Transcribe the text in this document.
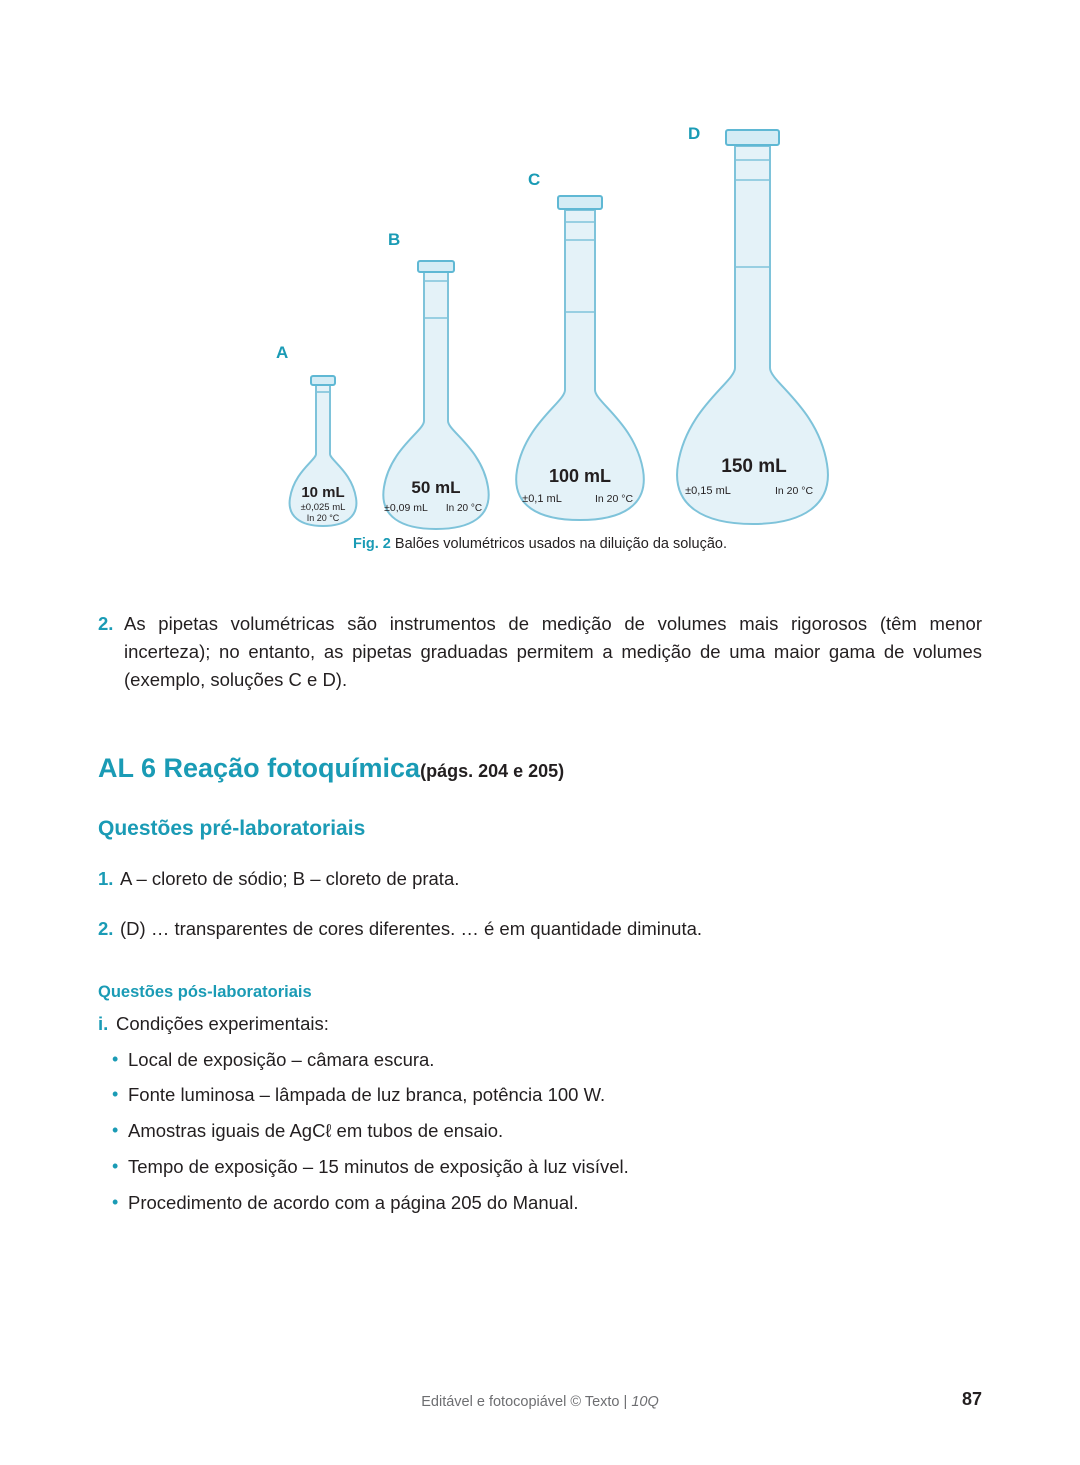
A
B
C
D
10 mL
±0,025 mL
In 20 °C
50 mL
±0,09 mL In 20 °C
100 mL
±0,1 mL	In 20 °C
150 mL
±0,15 mL	In 20 °C
Fig. 2 Balões volumétricos usados na diluição da solução.
2. As pipetas volumétricas são instrumentos de medição de volumes mais rigorosos (têm menor incerteza); no entanto, as pipetas graduadas permitem a medição de uma maior gama de volumes (exemplo, soluções C e D).
AL 6 Reação fotoquímica(págs. 204 e 205)
Questões pré-laboratoriais
1. A – cloreto de sódio; B – cloreto de prata.
2. (D) … transparentes de cores diferentes. … é em quantidade diminuta.
Questões pós-laboratoriais
i. Condições experimentais:
• Local de exposição – câmara escura.
• Fonte luminosa – lâmpada de luz branca, potência 100 W.
• Amostras iguais de AgCℓ em tubos de ensaio.
• Tempo de exposição – 15 minutos de exposição à luz visível.
• Procedimento de acordo com a página 205 do Manual.
Editável e fotocopiável © Texto | 10Q	87
